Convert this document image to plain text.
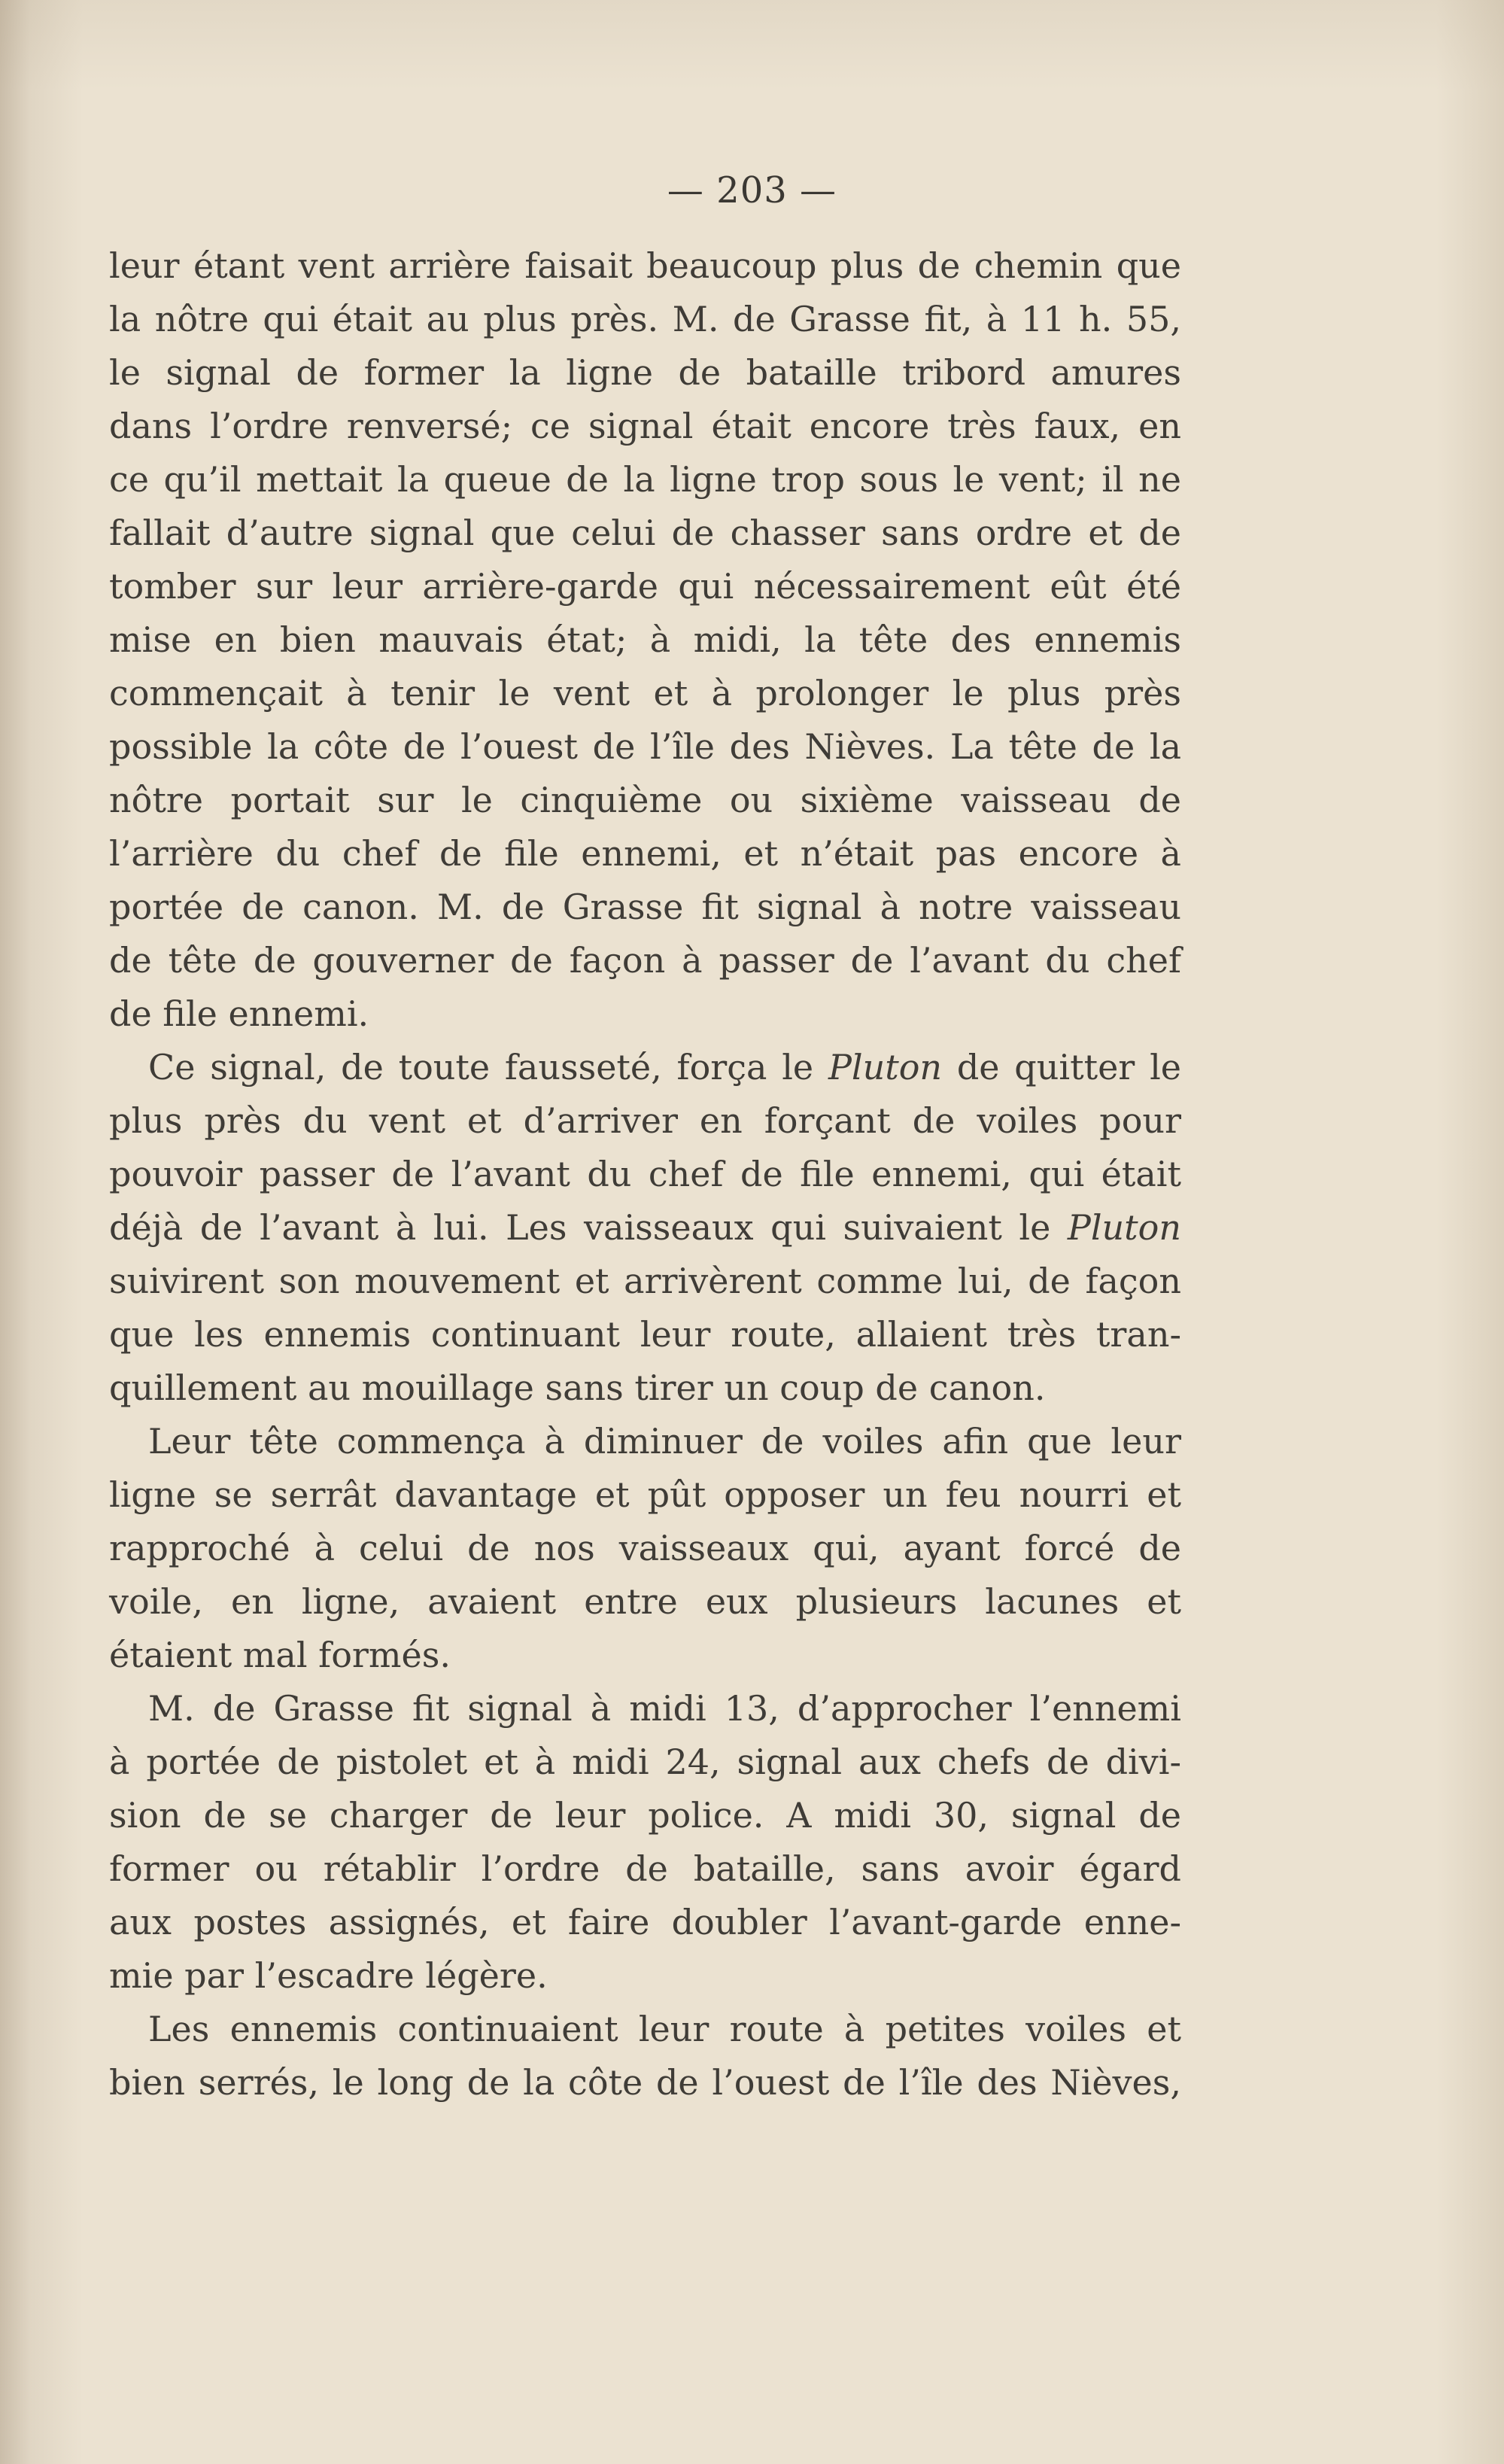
— 203 —
leur étant vent arrière faisait beaucoup plus de chemin que
la nôtre qui était au plus près. M. de Grasse fit, à 11 h. 55,
le signal de former la ligne de bataille tribord amures
dans l’ordre renversé; ce signal était encore très faux, en
ce qu’il mettait la queue de la ligne trop sous le vent; il ne
fallait d’autre signal que celui de chasser sans ordre et de
tomber sur leur arrière-garde qui nécessairement eût été
mise en bien mauvais état; à midi, la tête des ennemis
commençait à tenir le vent et à prolonger le plus près
possible la côte de l’ouest de l’île des Nièves. La tête de la
nôtre portait sur le cinquième ou sixième vaisseau de
l’arrière du chef de file ennemi, et n’était pas encore à
portée de canon. M. de Grasse fit signal à notre vaisseau
de tête de gouverner de façon à passer de l’avant du chef
de file ennemi.
Ce signal, de toute fausseté, força le Pluton de quitter le
plus près du vent et d’arriver en forçant de voiles pour
pouvoir passer de l’avant du chef de file ennemi, qui était
déjà de l’avant à lui. Les vaisseaux qui suivaient le Pluton
suivirent son mouvement et arrivèrent comme lui, de façon
que les ennemis continuant leur route, allaient très tran-
quillement au mouillage sans tirer un coup de canon.
Leur tête commença à diminuer de voiles afin que leur
ligne se serrât davantage et pût opposer un feu nourri et
rapproché à celui de nos vaisseaux qui, ayant forcé de
voile, en ligne, avaient entre eux plusieurs lacunes et
étaient mal formés.
M. de Grasse fit signal à midi 13, d’approcher l’ennemi
à portée de pistolet et à midi 24, signal aux chefs de divi-
sion de se charger de leur police. A midi 30, signal de
former ou rétablir l’ordre de bataille, sans avoir égard
aux postes assignés, et faire doubler l’avant-garde enne-
mie par l’escadre légère.
Les ennemis continuaient leur route à petites voiles et
bien serrés, le long de la côte de l’ouest de l’île des Nièves,
